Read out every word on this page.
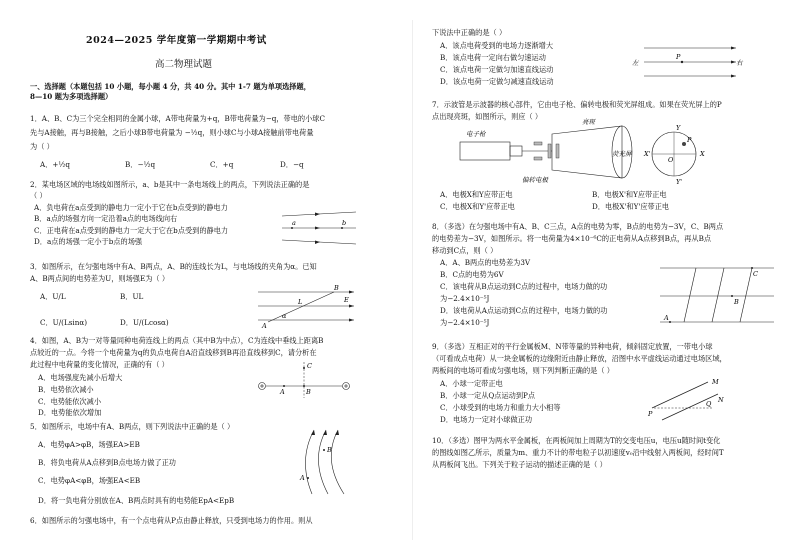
2024—2025 学年度第一学期期中考试
高二物理试题
一、选择题（本题包括 10 小题，每小题 4 分，共 40 分。其中 1-7 题为单项选择题，
8—10 题为多项选择题）
1．A、B、C为三个完全相同的金属小球，A带电荷量为+q，B带电荷量为−q，带电的小球C
先与A接触，再与B接触，之后小球B带电荷量为 −½q，则小球C与小球A接触前带电荷量
为（ ）
A．+½q	B．−½q	C．+q	D．−q
2．某电场区域的电场线如图所示，a、b是其中一条电场线上的两点，下列说法正确的是
（ ）
A．负电荷在a点受到的静电力一定小于它在b点受到的静电力
B．a点的场强方向一定沿着a点的电场线向右
C．正电荷在a点受到的静电力一定大于它在b点受到的静电力
D．a点的场强一定小于b点的场强
a	b
3．如图所示，在匀强电场中有A、B两点，A、B的连线长为L，与电场线的夹角为α。已知
A、B两点间的电势差为U，则场强E为（ ）
A．U/L	B．UL
C．U/(Lsinα)	D．U/(Lcosα)	A
B
E
L
α
4．如图，A、B为一对等量同种电荷连线上的两点（其中B为中点），C为连线中垂线上距离B
点较近的一点。今将一个电荷量为q的负点电荷自A沿直线移到B再沿直线移到C，请分析在
此过程中电荷量的变化情况，正确的有（ ）
A．电场强度先减小后增大
B．电势依次减小
C．电势能依次减小
D．电势能依次增加
A	B
C
5．如图所示，电场中有A、B两点，则下列说法中正确的是（ ）
A．电势φA>φB，场强EA>EB
B．将负电荷从A点移到B点电场力做了正功
C．电势φA<φB，场强EA<EB
D．将一负电荷分别放在A、B两点时具有的电势能EpA<EpB
A
B
6．如图所示的匀强电场中，有一个点电荷从P点由静止释放，只受到电场力的作用。则从
下说法中正确的是（ ）
A．该点电荷受到的电场力逐渐增大
B．该点电荷一定向右做匀速运动
C．该点电荷一定做匀加速直线运动
D．该点电荷一定做匀减速直线运动
左
P
右
7．示波管是示波器的核心部件，它由电子枪、偏转电极和荧光屏组成。如果在荧光屏上的P
点出现亮斑，如图所示，则应（ ）
电子枪
偏转电极
亮斑
荧光屏	X
X'
Y
Y'
O
P
A．电极X和Y应带正电	B．电极X'和Y应带正电
C．电极X和Y'应带正电	D．电极X'和Y'应带正电
8．（多选）在匀强电场中有A、B、C三点，A点的电势为零，B点的电势为−3V，C、B两点
的电势差为−3V，如图所示。将一电荷量为4×10⁻⁶C的正电荷从A点移到B点，再从B点
移动到C点，则（ ）
A．A、B两点的电势差为3V
B．C点的电势为6V
C．该电荷从B点运动到C点的过程中，电场力做的功
为−2.4×10⁻⁵J
D．该电荷从A点运动到C点的过程中，电场力做的功
为−2.4×10⁻⁵J
C
B
A
9．（多选）互相正对的平行金属板M、N带等量的异种电荷，倾斜固定放置，一带电小球
（可看成点电荷）从一块金属板的边缘附近由静止释放，沿图中水平虚线运动通过电场区域，
两板间的电场可看成匀强电场，则下列判断正确的是（ ）
A．小球一定带正电
B．小球一定从Q点运动到P点
C．小球受到的电场力和重力大小相等
D．电场力一定对小球做正功
M
N
P
Q
10．（多选）图甲为两水平金属板，在两板间加上周期为T的交变电压u，电压u随时间t变化
的图线如图乙所示，质量为m、重力不计的带电粒子以初速度v₀沿中线射入两板间，经时间T
从两板间飞出。下列关于粒子运动的描述正确的是（ ）
